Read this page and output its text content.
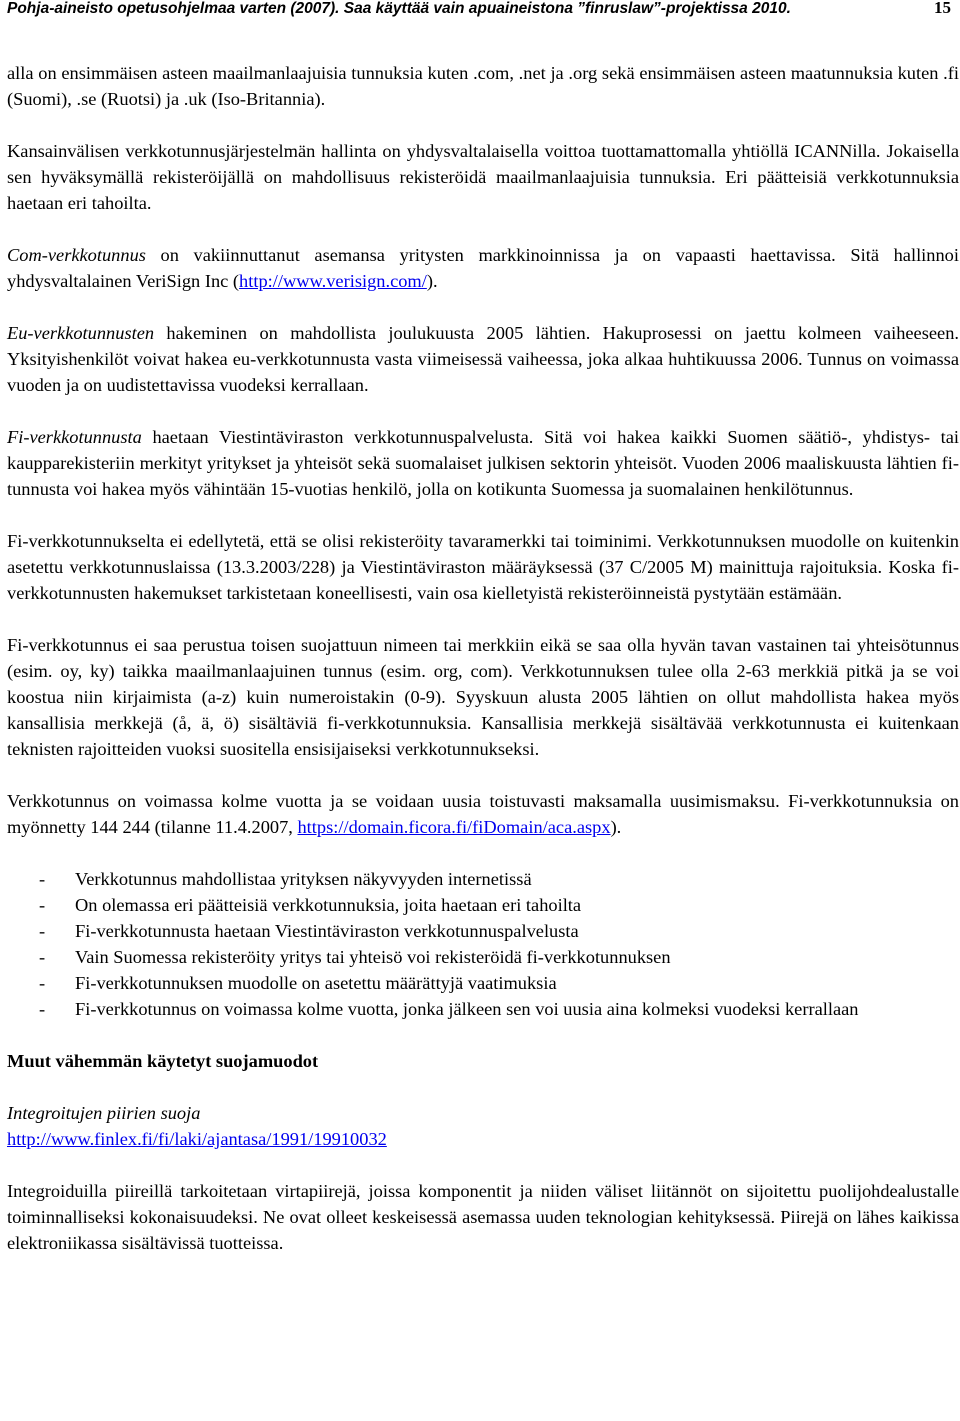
Pohja-aineisto opetusohjelmaa varten (2007). Saa käyttää vain apuaineistona ”finruslaw”-projektissa 2010.	15

alla on ensimmäisen asteen maailmanlaajuisia tunnuksia kuten .com, .net ja .org sekä ensimmäisen asteen maatunnuksia kuten .fi (Suomi), .se (Ruotsi) ja .uk (Iso-Britannia).

Kansainvälisen verkkotunnusjärjestelmän hallinta on yhdysvaltalaisella voittoa tuottamattomalla yhtiöllä ICANNilla. Jokaisella sen hyväksymällä rekisteröijällä on mahdollisuus rekisteröidä maailmanlaajuisia tunnuksia. Eri päätteisiä verkkotunnuksia haetaan eri tahoilta.

Com-verkkotunnus on vakiinnuttanut asemansa yritysten markkinoinnissa ja on vapaasti haettavissa. Sitä hallinnoi yhdysvaltalainen VeriSign Inc (http://www.verisign.com/).

Eu-verkkotunnusten hakeminen on mahdollista joulukuusta 2005 lähtien. Hakuprosessi on jaettu kolmeen vaiheeseen. Yksityishenkilöt voivat hakea eu-verkkotunnusta vasta viimeisessä vaiheessa, joka alkaa huhtikuussa 2006. Tunnus on voimassa vuoden ja on uudistettavissa vuodeksi kerrallaan.

Fi-verkkotunnusta haetaan Viestintäviraston verkkotunnuspalvelusta. Sitä voi hakea kaikki Suomen säätiö-, yhdistys- tai kaupparekisteriin merkityt yritykset ja yhteisöt sekä suomalaiset julkisen sektorin yhteisöt. Vuoden 2006 maaliskuusta lähtien fi-tunnusta voi hakea myös vähintään 15-vuotias henkilö, jolla on kotikunta Suomessa ja suomalainen henkilötunnus.

Fi-verkkotunnukselta ei edellytetä, että se olisi rekisteröity tavaramerkki tai toiminimi. Verkkotunnuksen muodolle on kuitenkin asetettu verkkotunnuslaissa (13.3.2003/228) ja Viestintäviraston määräyksessä (37 C/2005 M) mainittuja rajoituksia. Koska fi-verkkotunnusten hakemukset tarkistetaan koneellisesti, vain osa kielletyistä rekisteröinneistä pystytään estämään.

Fi-verkkotunnus ei saa perustua toisen suojattuun nimeen tai merkkiin eikä se saa olla hyvän tavan vastainen tai yhteisötunnus (esim. oy, ky) taikka maailmanlaajuinen tunnus (esim. org, com). Verkkotunnuksen tulee olla 2-63 merkkiä pitkä ja se voi koostua niin kirjaimista (a-z) kuin numeroistakin (0-9). Syyskuun alusta 2005 lähtien on ollut mahdollista hakea myös kansallisia merkkejä (å, ä, ö) sisältäviä fi-verkkotunnuksia. Kansallisia merkkejä sisältävää verkkotunnusta ei kuitenkaan teknisten rajoitteiden vuoksi suositella ensisijaiseksi verkkotunnukseksi.

Verkkotunnus on voimassa kolme vuotta ja se voidaan uusia toistuvasti maksamalla uusimismaksu. Fi-verkkotunnuksia on myönnetty 144 244 (tilanne 11.4.2007, https://domain.ficora.fi/fiDomain/aca.aspx).

- Verkkotunnus mahdollistaa yrityksen näkyvyyden internetissä
- On olemassa eri päätteisiä verkkotunnuksia, joita haetaan eri tahoilta
- Fi-verkkotunnusta haetaan Viestintäviraston verkkotunnuspalvelusta
- Vain Suomessa rekisteröity yritys tai yhteisö voi rekisteröidä fi-verkkotunnuksen
- Fi-verkkotunnuksen muodolle on asetettu määrättyjä vaatimuksia
- Fi-verkkotunnus on voimassa kolme vuotta, jonka jälkeen sen voi uusia aina kolmeksi vuodeksi kerrallaan
Muut vähemmän käytetyt suojamuodot

Integroitujen piirien suoja

http://www.finlex.fi/fi/laki/ajantasa/1991/19910032

Integroiduilla piireillä tarkoitetaan virtapiirejä, joissa komponentit ja niiden väliset liitännöt on sijoitettu puolijohdealustalle toiminnalliseksi kokonaisuudeksi. Ne ovat olleet keskeisessä asemassa uuden teknologian kehityksessä. Piirejä on lähes kaikissa elektroniikassa sisältävissä tuotteissa.
